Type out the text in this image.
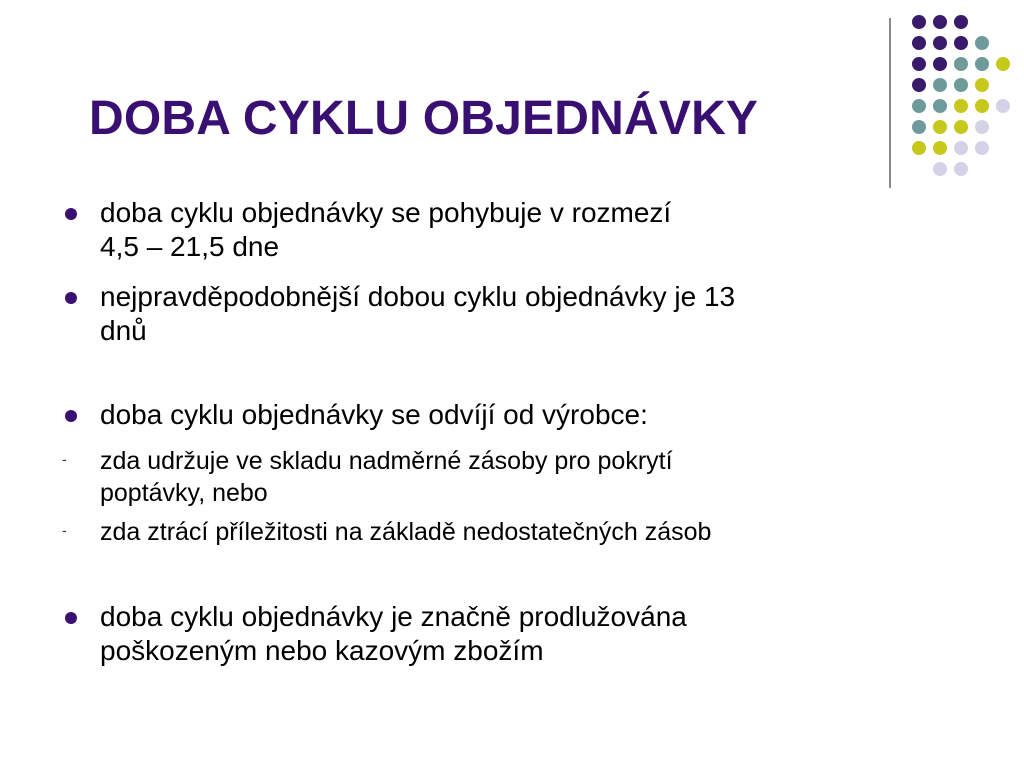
DOBA CYKLU OBJEDNÁVKY
doba cyklu objednávky se pohybuje v rozmezí
4,5 – 21,5 dne
nejpravděpodobnější dobou cyklu objednávky je 13
dnů
doba cyklu objednávky se odvíjí od výrobce:
- zda udržuje ve skladu nadměrné zásoby pro pokrytí
poptávky, nebo
- zda ztrácí příležitosti na základě nedostatečných zásob
doba cyklu objednávky je značně prodlužována
poškozeným nebo kazovým zbožím
